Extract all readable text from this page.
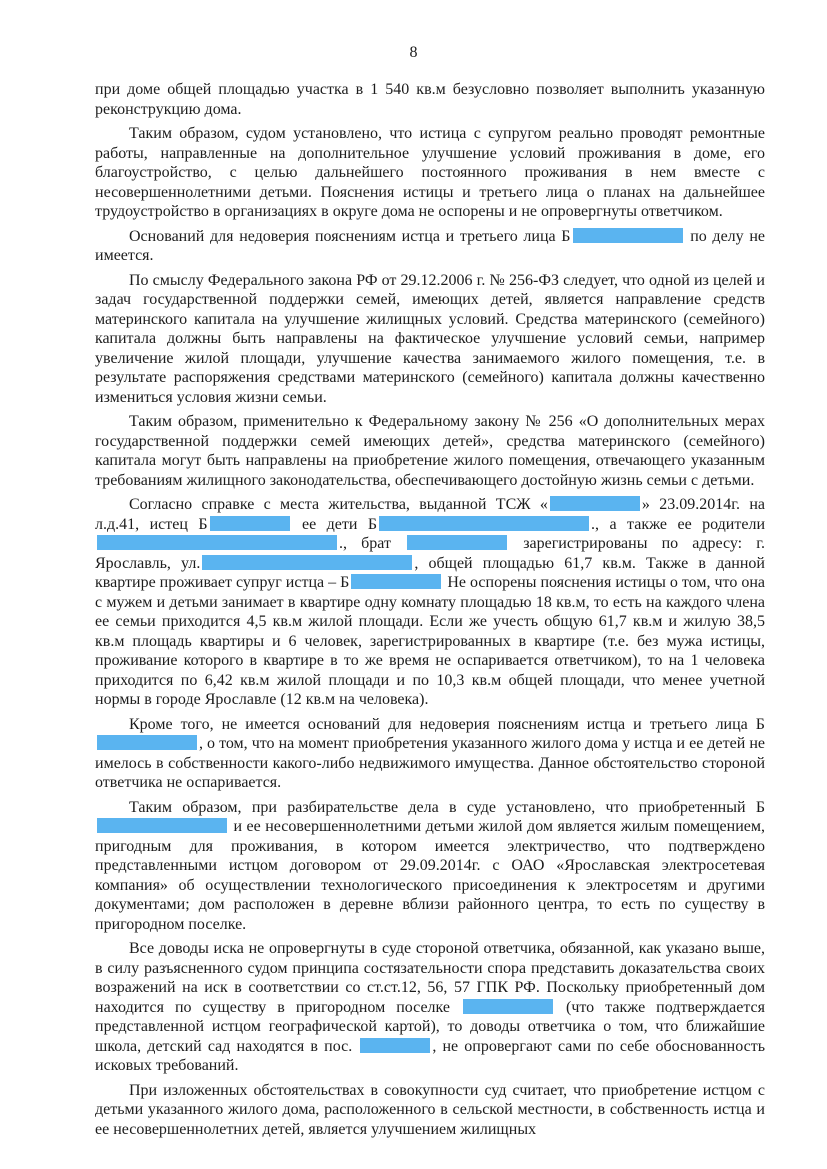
8

при доме общей площадью участка в 1 540 кв.м безусловно позволяет выполнить указанную реконструкцию дома.

Таким образом, судом установлено, что истица с супругом реально проводят ремонтные работы, направленные на дополнительное улучшение условий проживания в доме, его благоустройство, с целью дальнейшего постоянного проживания в нем вместе с несовершеннолетними детьми. Пояснения истицы и третьего лица о планах на дальнейшее трудоустройство в организациях в округе дома не оспорены и не опровергнуты ответчиком.

Оснований для недоверия пояснениям истца и третьего лица Б	по делу не имеется.

По смыслу Федерального закона РФ от 29.12.2006 г. № 256-ФЗ следует, что одной из целей и задач государственной поддержки семей, имеющих детей, является направление средств материнского капитала на улучшение жилищных условий. Средства материнского (семейного) капитала должны быть направлены на фактическое улучшение условий семьи, например увеличение жилой площади, улучшение качества занимаемого жилого помещения, т.е. в результате распоряжения средствами материнского (семейного) капитала должны качественно измениться условия жизни семьи.

Таким образом, применительно к Федеральному закону № 256 «О дополнительных мерах государственной поддержки семей имеющих детей», средства материнского (семейного) капитала могут быть направлены на приобретение жилого помещения, отвечающего указанным требованиям жилищного законодательства, обеспечивающего достойную жизнь семьи с детьми.

Согласно справке с места жительства, выданной ТСЖ «	» 23.09.2014г. на л.д.41, истец Б	ее дети Б	., а также ее родители ., брат	зарегистрированы по адресу: г. Ярославль, ул.	, общей площадью 61,7 кв.м. Также в данной квартире проживает супруг истца – Б	Не оспорены пояснения истицы о том, что она с мужем и детьми занимает в квартире одну комнату площадью 18 кв.м, то есть на каждого члена ее семьи приходится 4,5 кв.м жилой площади. Если же учесть общую 61,7 кв.м и жилую 38,5 кв.м площадь квартиры и 6 человек, зарегистрированных в квартире (т.е. без мужа истицы, проживание которого в квартире в то же время не оспаривается ответчиком), то на 1 человека приходится по 6,42 кв.м жилой площади и по 10,3 кв.м общей площади, что менее учетной нормы в городе Ярославле (12 кв.м на человека).

Кроме того, не имеется оснований для недоверия пояснениям истца и третьего лица Б , о том, что на момент приобретения указанного жилого дома у истца и ее детей не имелось в собственности какого-либо недвижимого имущества. Данное обстоятельство стороной ответчика не оспаривается.

Таким образом, при разбирательстве дела в суде установлено, что приобретенный Б и ее несовершеннолетними детьми жилой дом является жилым помещением, пригодным для проживания, в котором имеется электричество, что подтверждено представленными истцом договором от 29.09.2014г. с ОАО «Ярославская электросетевая компания» об осуществлении технологического присоединения к электросетям и другими документами; дом расположен в деревне вблизи районного центра, то есть по существу в пригородном поселке.

Все доводы иска не опровергнуты в суде стороной ответчика, обязанной, как указано выше, в силу разъясненного судом принципа состязательности спора представить доказательства своих возражений на иск в соответствии со ст.ст.12, 56, 57 ГПК РФ. Поскольку приобретенный дом находится по существу в пригородном поселке	(что также подтверждается представленной истцом географической картой), то доводы ответчика о том, что ближайшие школа, детский сад находятся в пос.	, не опровергают сами по себе обоснованность исковых требований.

При изложенных обстоятельствах в совокупности суд считает, что приобретение истцом с детьми указанного жилого дома, расположенного в сельской местности, в собственность истца и ее несовершеннолетних детей, является улучшением жилищных
